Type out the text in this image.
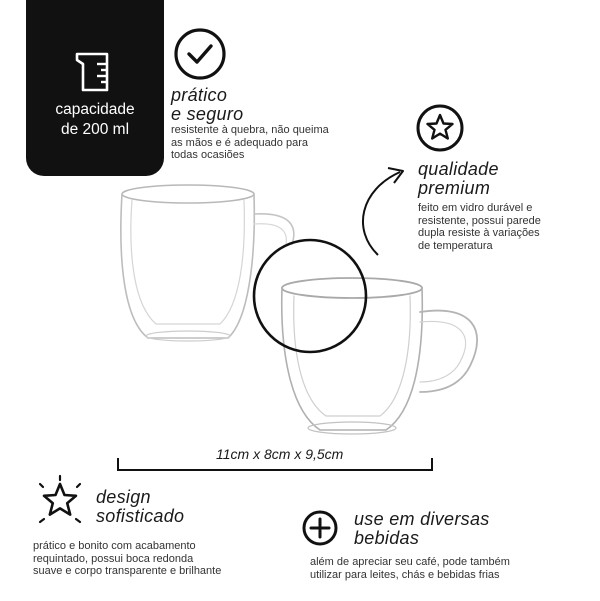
capacidade
de 200 ml
prático
e seguro
resistente à quebra, não queima
as mãos e é adequado para
todas ocasiões
qualidade
premium
feito em vidro durável e
resistente, possui parede
dupla resiste à variações
de temperatura
11cm x 8cm x 9,5cm
design
sofisticado
prático e bonito com acabamento
requintado, possui boca redonda
suave e corpo transparente e brilhante
use em diversas
bebidas
além de apreciar seu café, pode também
utilizar para leites, chás e bebidas frias
